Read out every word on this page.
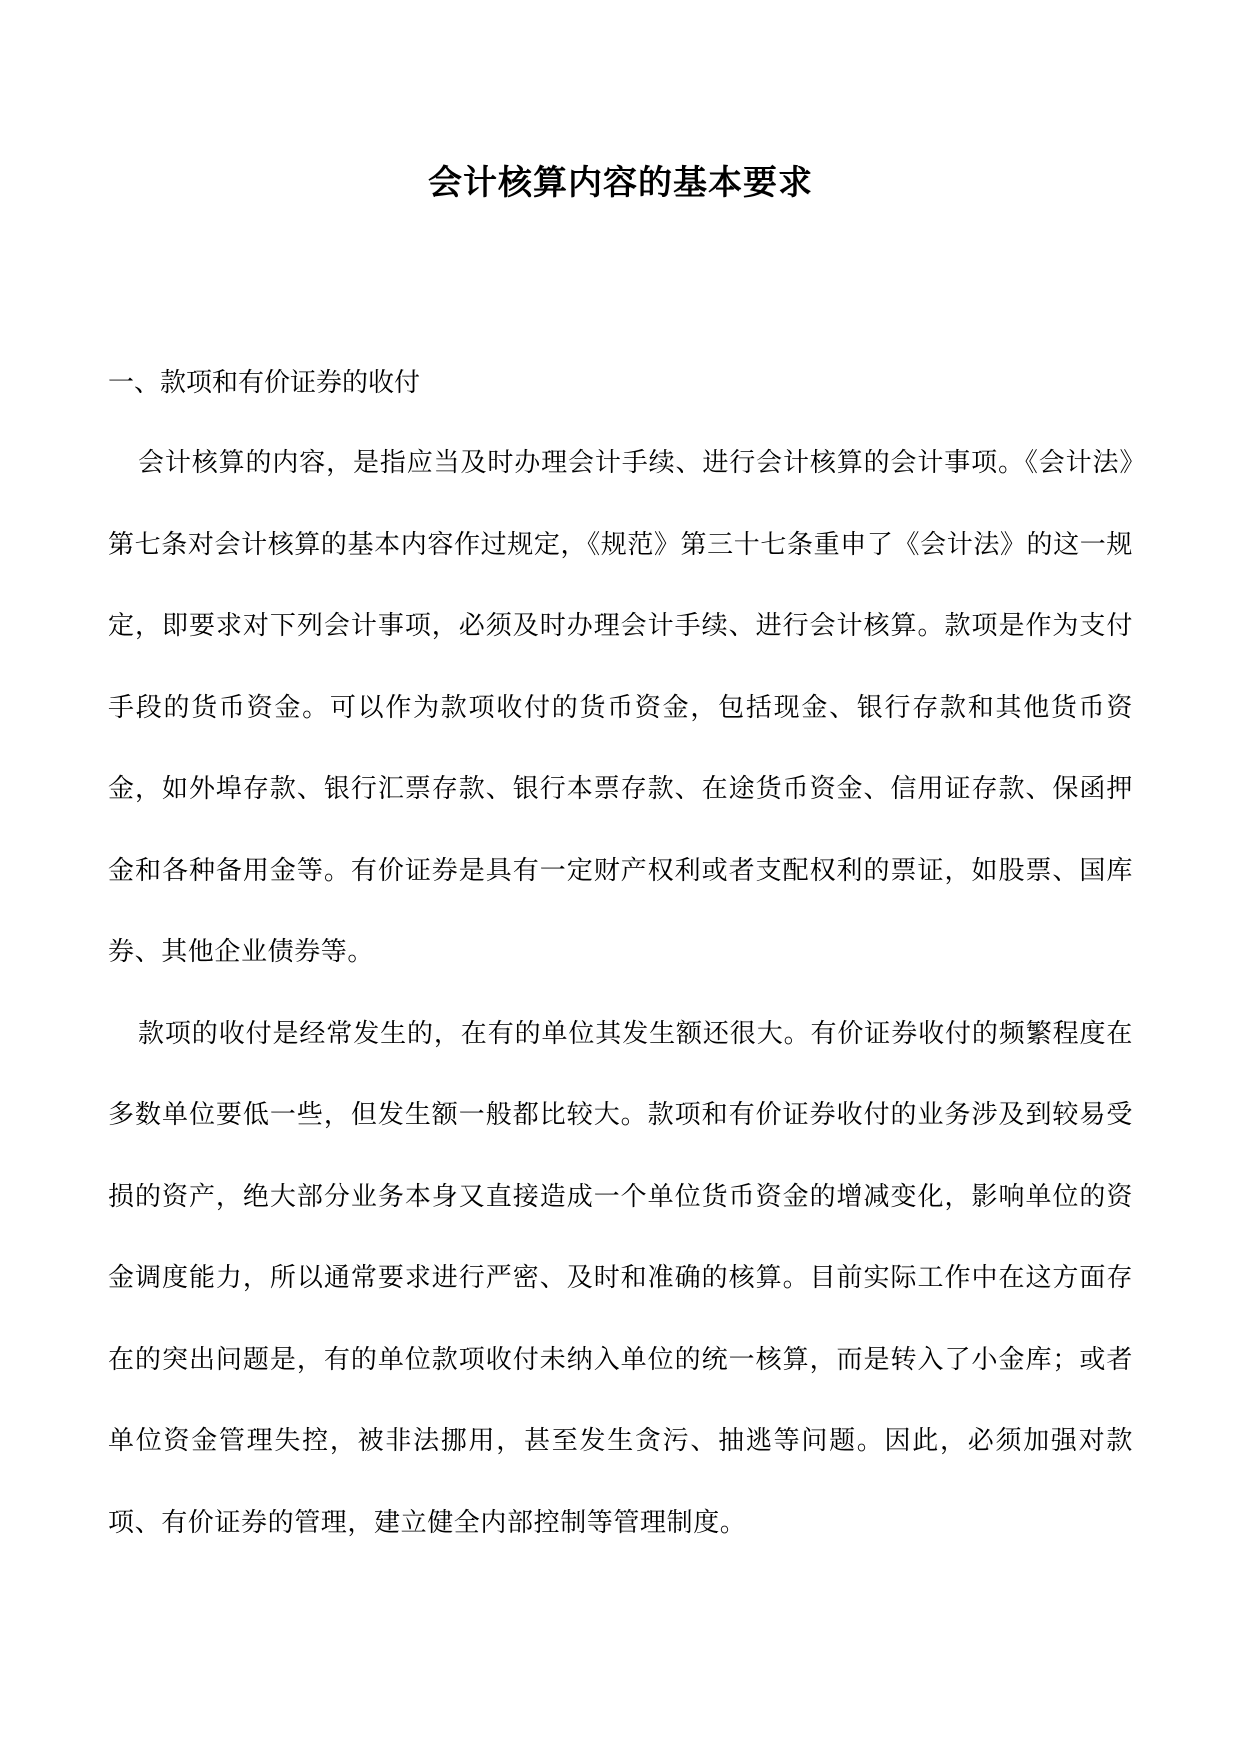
会计核算内容的基本要求
一、款项和有价证券的收付

会计核算的内容，是指应当及时办理会计手续、进行会计核算的会计事项。《会计法》第七条对会计核算的基本内容作过规定，《规范》第三十七条重申了《会计法》的这一规定，即要求对下列会计事项，必须及时办理会计手续、进行会计核算。款项是作为支付手段的货币资金。可以作为款项收付的货币资金，包括现金、银行存款和其他货币资金，如外埠存款、银行汇票存款、银行本票存款、在途货币资金、信用证存款、保函押金和各种备用金等。有价证券是具有一定财产权利或者支配权利的票证，如股票、国库券、其他企业债券等。

款项的收付是经常发生的，在有的单位其发生额还很大。有价证券收付的频繁程度在多数单位要低一些，但发生额一般都比较大。款项和有价证券收付的业务涉及到较易受损的资产，绝大部分业务本身又直接造成一个单位货币资金的增减变化，影响单位的资金调度能力，所以通常要求进行严密、及时和准确的核算。目前实际工作中在这方面存在的突出问题是，有的单位款项收付未纳入单位的统一核算，而是转入了小金库；或者单位资金管理失控，被非法挪用，甚至发生贪污、抽逃等问题。因此，必须加强对款项、有价证券的管理，建立健全内部控制等管理制度。
